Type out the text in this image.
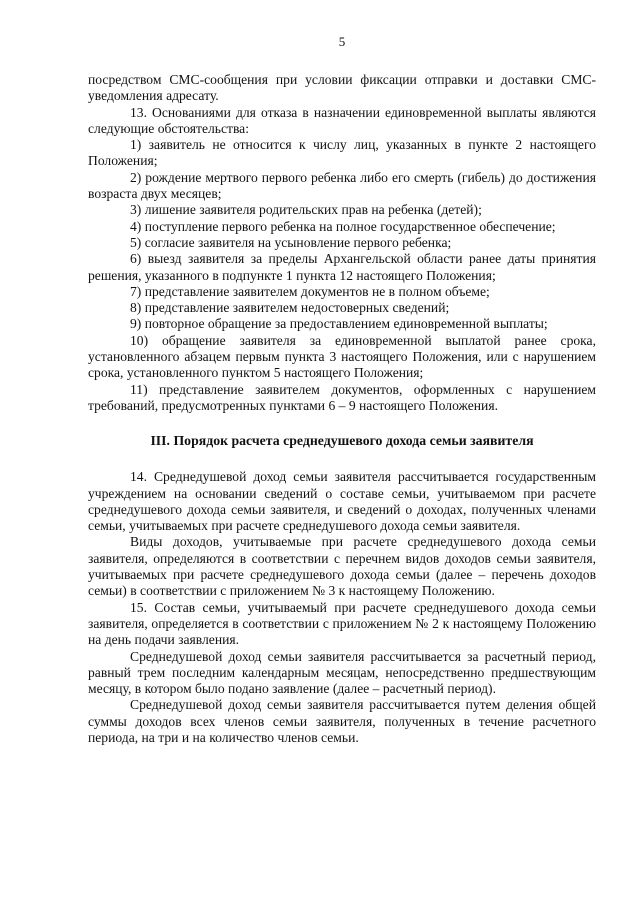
5

посредством СМС-сообщения при условии фиксации отправки и доставки СМС-уведомления адресату.

13. Основаниями для отказа в назначении единовременной выплаты являются следующие обстоятельства:

1) заявитель не относится к числу лиц, указанных в пункте 2 настоящего Положения;

2) рождение мертвого первого ребенка либо его смерть (гибель) до достижения возраста двух месяцев;

3) лишение заявителя родительских прав на ребенка (детей);

4) поступление первого ребенка на полное государственное обеспечение;

5) согласие заявителя на усыновление первого ребенка;

6) выезд заявителя за пределы Архангельской области ранее даты принятия решения, указанного в подпункте 1 пункта 12 настоящего Положения;

7) представление заявителем документов не в полном объеме;

8) представление заявителем недостоверных сведений;

9) повторное обращение за предоставлением единовременной выплаты;

10) обращение заявителя за единовременной выплатой ранее срока, установленного абзацем первым пункта 3 настоящего Положения, или с нарушением срока, установленного пунктом 5 настоящего Положения;

11) представление заявителем документов, оформленных с нарушением требований, предусмотренных пунктами 6 – 9 настоящего Положения.

III. Порядок расчета среднедушевого дохода семьи заявителя

14. Среднедушевой доход семьи заявителя рассчитывается государственным учреждением на основании сведений о составе семьи, учитываемом при расчете среднедушевого дохода семьи заявителя, и сведений о доходах, полученных членами семьи, учитываемых при расчете среднедушевого дохода семьи заявителя.

Виды доходов, учитываемые при расчете среднедушевого дохода семьи заявителя, определяются в соответствии с перечнем видов доходов семьи заявителя, учитываемых при расчете среднедушевого дохода семьи (далее – перечень доходов семьи) в соответствии с приложением № 3 к настоящему Положению.

15. Состав семьи, учитываемый при расчете среднедушевого дохода семьи заявителя, определяется в соответствии с приложением № 2 к настоящему Положению на день подачи заявления.

Среднедушевой доход семьи заявителя рассчитывается за расчетный период, равный трем последним календарным месяцам, непосредственно предшествующим месяцу, в котором было подано заявление (далее – расчетный период).

Среднедушевой доход семьи заявителя рассчитывается путем деления общей суммы доходов всех членов семьи заявителя, полученных в течение расчетного периода, на три и на количество членов семьи.
